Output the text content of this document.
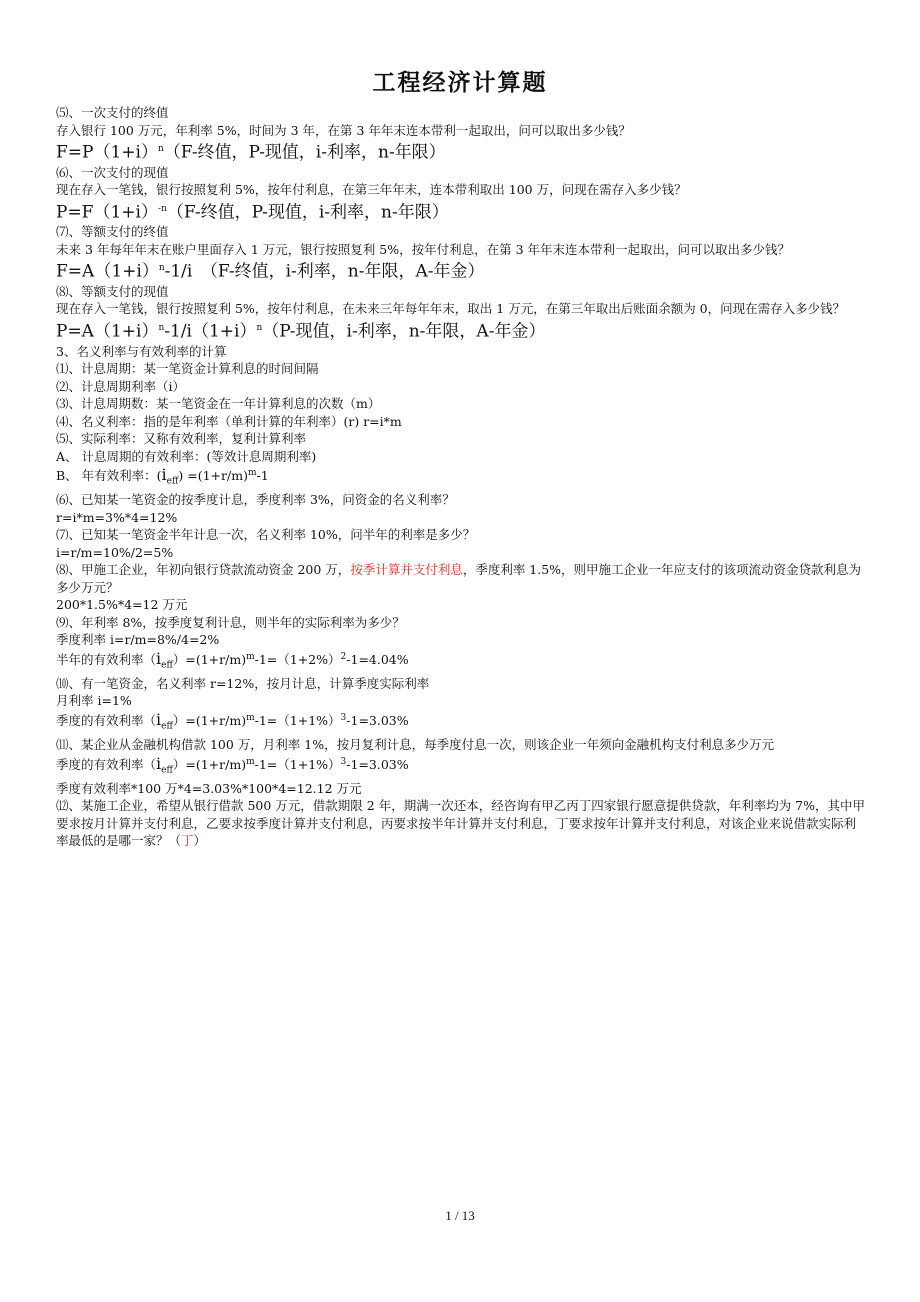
工程经济计算题
⑸、一次支付的终值
存入银行 100 万元，年利率 5%，时间为 3 年，在第 3 年年末连本带利一起取出，问可以取出多少钱？
$F=P(1+i)^n(F-$终值，P-现值，i-利率，n-年限）
⑹、一次支付的现值
现在存入一笔钱，银行按照复利 5%，按年付利息，在第三年年末，连本带利取出 100 万，问现在需存入多少钱？
$P=F(1+i)^{-n}(F-$终值，P-现值，i-利率，n-年限）
⑺、等额支付的终值
未来 3 年每年年末在账户里面存入 1 万元，银行按照复利 5%，按年付利息，在第 3 年年末连本带利一起取出，问可以取出多少钱？
$F=A(1+i)^n-1/i$　（F-终值，i-利率，n-年限，A-年金）
⑻、等额支付的现值
现在存入一笔钱，银行按照复利 5%，按年付利息，在未来三年每年年末，取出 1 万元，在第三年取出后账面余额为 0，问现在需存入多少钱？
$P=A(1+i)^n-1/i(1+i)^n(P-$现值，i-利率，n-年限，A-年金）
3、名义利率与有效利率的计算
⑴、计息周期：某一笔资金计算利息的时间间隔
⑵、计息周期利率（i）
⑶、计息周期数：某一笔资金在一年计算利息的次数（m）
⑷、名义利率：指的是年利率（单利计算的年利率）(r) r=i*m
⑸、实际利率：又称有效利率，复利计算利率
A、 计息周期的有效利率：(等效计息周期利率)
B、 年有效利率：$(i_{eff}) =(1+r/m)^m-1$
⑹、已知某一笔资金的按季度计息，季度利率 3%，问资金的名义利率？
r=i*m=3%*4=12%
⑺、已知某一笔资金半年计息一次，名义利率 10%，问半年的利率是多少？
i=r/m=10%/2=5%
⑻、甲施工企业，年初向银行贷款流动资金 200 万，按季计算并支付利息，季度利率 1.5%，则甲施工企业一年应支付的该项流动资金贷款利息为多少万元？
200*1.5%*4=12 万元
⑼、年利率 8%，按季度复利计息，则半年的实际利率为多少？
季度利率 i=r/m=8%/4=2%
半年的有效利率$(i_{eff})=(1+r/m)^m-1=(1+2\%)^2-1=4.04\%$
⑽、有一笔资金，名义利率 r=12%，按月计息，计算季度实际利率
月利率 i=1%
季度的有效利率$(i_{eff})=(1+r/m)^m-1=(1+1\%)^3-1=3.03\%$
⑾、某企业从金融机构借款 100 万，月利率 1%，按月复利计息，每季度付息一次，则该企业一年须向金融机构支付利息多少万元
季度的有效利率$(i_{eff})=(1+r/m)^m-1=(1+1\%)^3-1=3.03\%$
季度有效利率*100 万*4=3.03%*100*4=12.12 万元
⑿、某施工企业，希望从银行借款 500 万元，借款期限 2 年，期满一次还本，经咨询有甲乙丙丁四家银行愿意提供贷款，年利率均为 7%，其中甲要求按月计算并支付利息，乙要求按季度计算并支付利息，丙要求按半年计算并支付利息，丁要求按年计算并支付利息，对该企业来说借款实际利率最低的是哪一家？（丁）
1 / 13
